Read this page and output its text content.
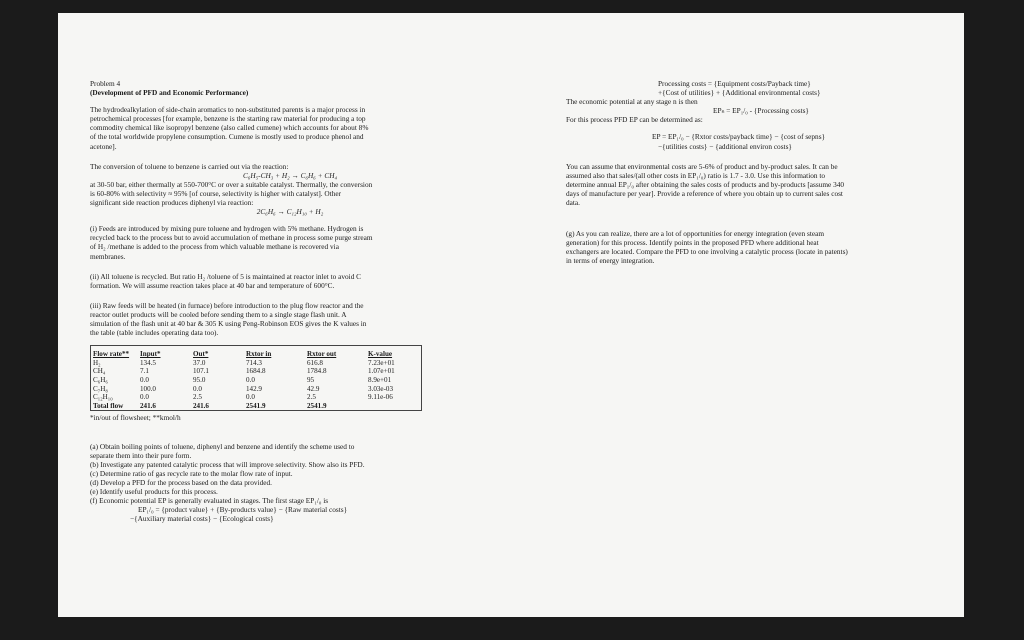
Problem 4

(Development of PFD and Economic Performance)

The hydrodealkylation of side-chain aromatics to non-substituted parents is a major process in

petrochemical processes [for example, benzene is the starting raw material for producing a top

commodity chemical like isopropyl benzene (also called cumene) which accounts for about 8%

of the total worldwide propylene consumption. Cumene is mostly used to produce phenol and

acetone].

The conversion of toluene to benzene is carried out via the reaction:

C₆H₅-CH₃ + H₂ → C₆H₆ + CH₄

at 30-50 bar, either thermally at 550-700°C or over a suitable catalyst. Thermally, the conversion

is 60-80% with selectivity ≈ 95% [of course, selectivity is higher with catalyst]. Other

significant side reaction produces diphenyl via reaction:

2C₆H₆ → C₁₂H₁₀ + H₂

(i) Feeds are introduced by mixing pure toluene and hydrogen with 5% methane. Hydrogen is

recycled back to the process but to avoid accumulation of methane in process some purge stream

of H₂ /methane is added to the process from which valuable methane is recovered via

membranes.

(ii) All toluene is recycled. But ratio H₂ /toluene of 5 is maintained at reactor inlet to avoid C

formation. We will assume reaction takes place at 40 bar and temperature of 600°C.

(iii) Raw feeds will be heated (in furnace) before introduction to the plug flow reactor and the

reactor outlet products will be cooled before sending them to a single stage flash unit. A

simulation of the flash unit at 40 bar & 305 K using Peng-Robinson EOS gives the K values in

the table (table includes operating data too).

Flow rate**	Input*	Out*	Rxtor in	Rxtor out	K-value
H₂	134.5	37.0	714.3	616.8	7.23e+01
CH₄	7.1	107.1	1684.8	1784.8	1.07e+01
C₆H₆	0.0	95.0	0.0	95	8.9e+01
C₇H₈	100.0	0.0	142.9	42.9	3.03e-03
C₁₂H₁₀	0.0	2.5	0.0	2.5	9.11e-06
Total flow	241.6	241.6	2541.9	2541.9	

*in/out of flowsheet; **kmol/h

(a) Obtain boiling points of toluene, diphenyl and benzene and identify the scheme used to

separate them into their pure form.

(b) Investigate any patented catalytic process that will improve selectivity. Show also its PFD.

(c) Determine ratio of gas recycle rate to the molar flow rate of input.

(d) Develop a PFD for the process based on the data provided.

(e) Identify useful products for this process.

(f) Economic potential EP is generally evaluated in stages. The first stage EP₁/₀ is

EP₁/₀ = {product value} + {By-products value} − {Raw material costs}

−{Auxiliary material costs} − {Ecological costs}

Processing costs = {Equipment costs/Payback time}

+{Cost of utilities} + {Additional environmental costs}

The economic potential at any stage n is then

EPₙ = EP₁/₀ - {Processing costs}

For this process PFD EP can be determined as:

EP = EP₁/₀ − {Rxtor costs/payback time} − {cost of sepns}

−{utilities costs} − {additional environ costs}

You can assume that environmental costs are 5-6% of product and by-product sales. It can be

assumed also that sales/(all other costs in EP₁/₀) ratio is 1.7 - 3.0. Use this information to

determine annual EP₁/₀ after obtaining the sales costs of products and by-products [assume 340

days of manufacture per year]. Provide a reference of where you obtain up to current sales cost

data.

(g) As you can realize, there are a lot of opportunities for energy integration (even steam

generation) for this process. Identify points in the proposed PFD where additional heat

exchangers are located. Compare the PFD to one involving a catalytic process (locate in patents)

in terms of energy integration.
